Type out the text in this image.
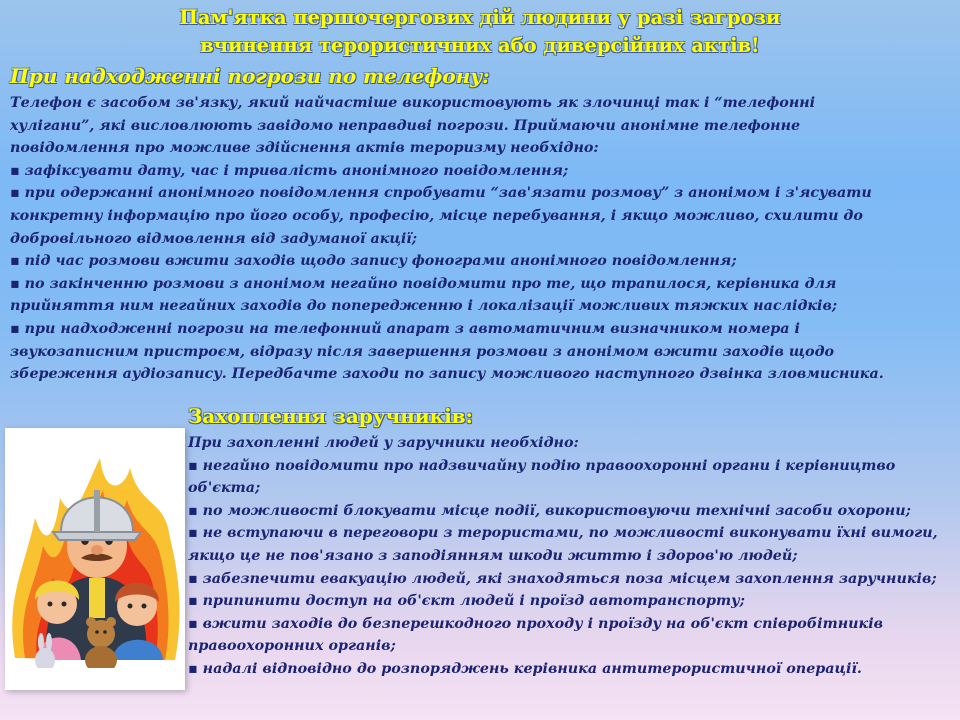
Пам'ятка першочергових дій людини у разі загрози
вчинення терористичних або диверсійних актів!
При надходженні погрози по телефону:
Телефон є засобом зв'язку, який найчастіше використовують як злочинці так і “телефонні
хулігани”, які висловлюють завідомо неправдиві погрози. Приймаючи анонімне телефонне
повідомлення про можливе здійснення актів тероризму необхідно:
▪ зафіксувати дату, час і тривалість анонімного повідомлення;
▪ при одержанні анонімного повідомлення спробувати “зав'язати розмову” з анонімом і з'ясувати
конкретну інформацію про його особу, професію, місце перебування, і якщо можливо, схилити до
добровільного відмовлення від задуманої акції;
▪ під час розмови вжити заходів щодо запису фонограми анонімного повідомлення;
▪ по закінченню розмови з анонімом негайно повідомити про те, що трапилося, керівника для
прийняття ним негайних заходів до попередженню і локалізації можливих тяжких наслідків;
▪ при надходженні погрози на телефонний апарат з автоматичним визначником номера і
звукозаписним пристроєм, відразу після завершення розмови з анонімом вжити заходів щодо
збереження аудіозапису. Передбачте заходи по запису можливого наступного дзвінка зловмисника.
Захоплення заручників:
При захопленні людей у заручники необхідно:
▪ негайно повідомити про надзвичайну подію правоохоронні органи і керівництво
об'єкта;
▪ по можливості блокувати місце події, використовуючи технічні засоби охорони;
▪ не вступаючи в переговори з терористами, по можливості виконувати їхні вимоги,
якщо це не пов'язано з заподіянням шкоди життю і здоров'ю людей;
▪ забезпечити евакуацію людей, які знаходяться поза місцем захоплення заручників;
▪ припинити доступ на об'єкт людей і проїзд автотранспорту;
▪ вжити заходів до безперешкодного проходу і проїзду на об'єкт співробітників
правоохоронних органів;
▪ надалі відповідно до розпоряджень керівника антитерористичної операції.
